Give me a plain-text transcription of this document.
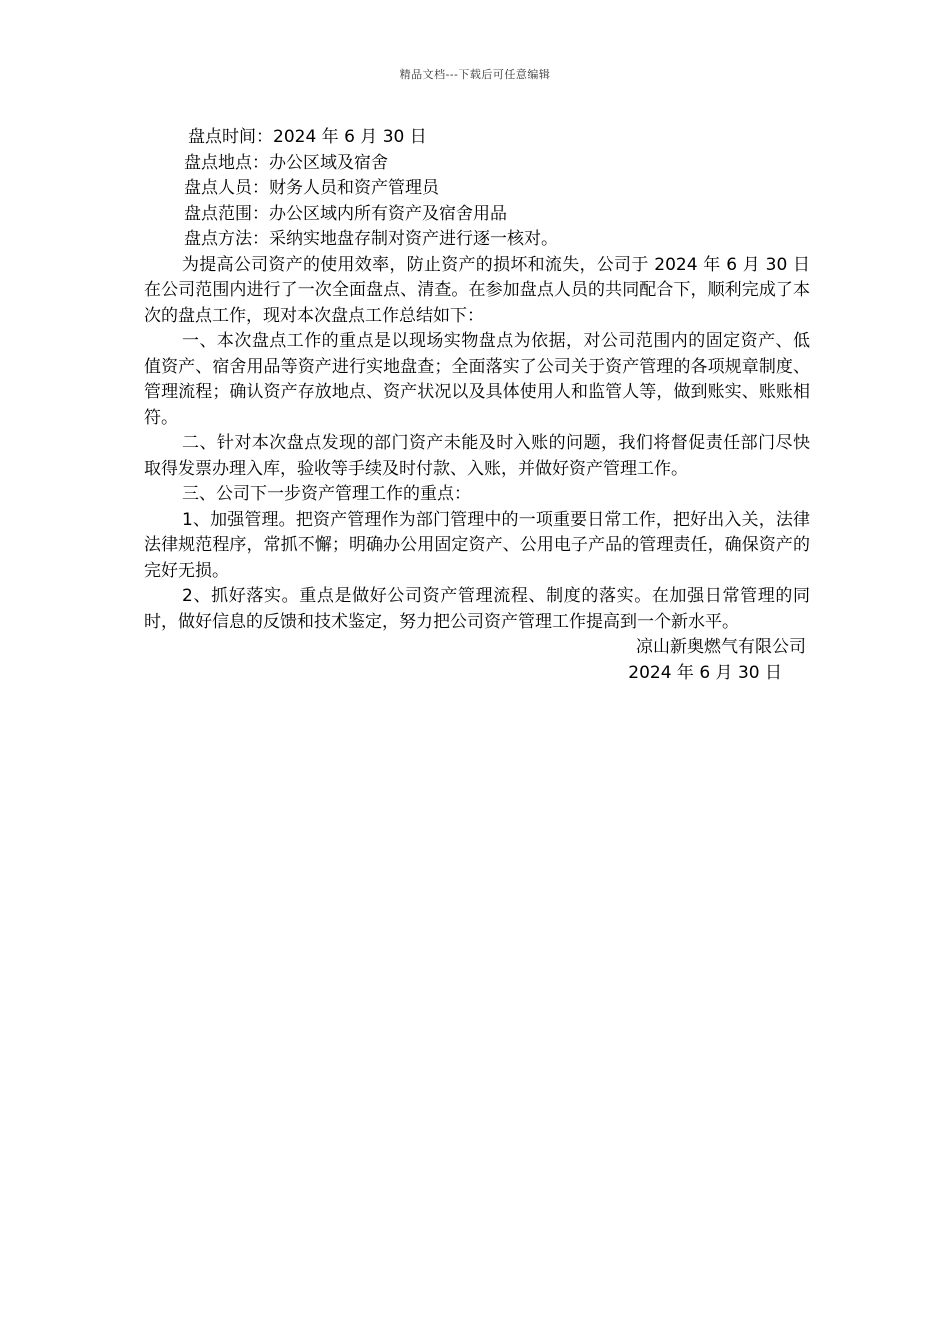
精品文档---下载后可任意编辑
盘点时间：2024 年 6 月 30 日
盘点地点：办公区域及宿舍
盘点人员：财务人员和资产管理员
盘点范围：办公区域内所有资产及宿舍用品
盘点方法：采纳实地盘存制对资产进行逐一核对。
为提高公司资产的使用效率，防止资产的损坏和流失，公司于 2024 年 6 月 30 日在公司范围内进行了一次全面盘点、清查。在参加盘点人员的共同配合下，顺利完成了本次的盘点工作，现对本次盘点工作总结如下：
一、本次盘点工作的重点是以现场实物盘点为依据，对公司范围内的固定资产、低值资产、宿舍用品等资产进行实地盘查；全面落实了公司关于资产管理的各项规章制度、管理流程；确认资产存放地点、资产状况以及具体使用人和监管人等，做到账实、账账相符。
二、针对本次盘点发现的部门资产未能及时入账的问题，我们将督促责任部门尽快取得发票办理入库，验收等手续及时付款、入账，并做好资产管理工作。
三、公司下一步资产管理工作的重点：
1、加强管理。把资产管理作为部门管理中的一项重要日常工作，把好出入关，法律法律规范程序，常抓不懈；明确办公用固定资产、公用电子产品的管理责任，确保资产的完好无损。
2、抓好落实。重点是做好公司资产管理流程、制度的落实。在加强日常管理的同时，做好信息的反馈和技术鉴定，努力把公司资产管理工作提高到一个新水平。
凉山新奥燃气有限公司
2024 年 6 月 30 日
